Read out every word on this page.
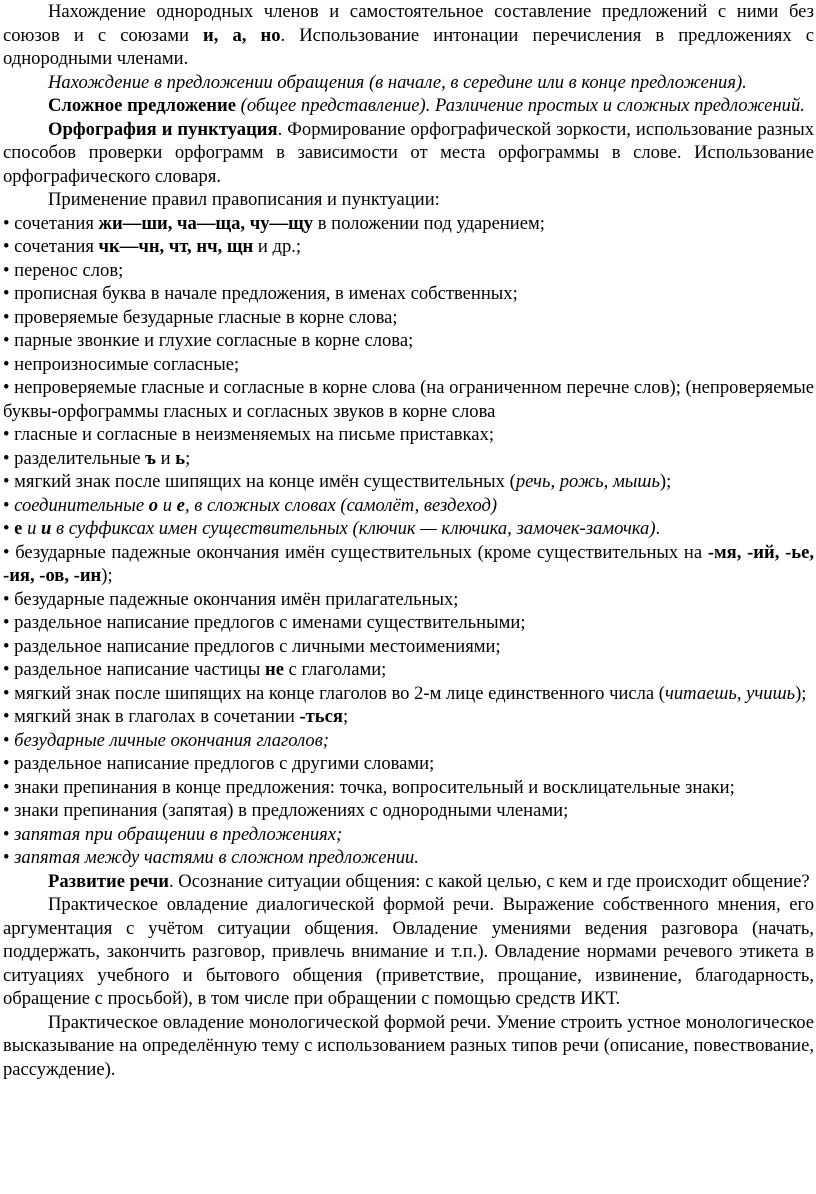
Нахождение однородных членов и самостоятельное составление предложений с ними без союзов и с союзами и, а, но. Использование интонации перечисления в предложениях с однородными членами.

Нахождение в предложении обращения (в начале, в середине или в конце предложения).

Сложное предложение (общее представление). Различение простых и сложных предложений.

Орфография и пунктуация. Формирование орфографической зоркости, использование разных способов проверки орфограмм в зависимости от места орфограммы в слове. Использование орфографического словаря.

Применение правил правописания и пунктуации:

• сочетания жи—ши, ча—ща, чу—щу в положении под ударением;

• сочетания чк—чн, чт, нч, щн и др.;

• перенос слов;

• прописная буква в начале предложения, в именах собственных;

• проверяемые безударные гласные в корне слова;

• парные звонкие и глухие согласные в корне слова;

• непроизносимые согласные;

• непроверяемые гласные и согласные в корне слова (на ограниченном перечне слов); (непроверяемые буквы-орфограммы гласных и согласных звуков в корне слова

• гласные и согласные в неизменяемых на письме приставках;

• разделительные ъ и ь;

• мягкий знак после шипящих на конце имён существительных (речь, рожь, мышь);

• соединительные о и е, в сложных словах (самолёт, вездеход)

• е и и в суффиксах имен существительных (ключик — ключика, замочек-замочка).

• безударные падежные окончания имён существительных (кроме существительных на -мя, -ий, -ье, -ия, -ов, -ин);

• безударные падежные окончания имён прилагательных;

• раздельное написание предлогов с именами существительными;

• раздельное написание предлогов с личными местоимениями;

• раздельное написание частицы не с глаголами;

• мягкий знак после шипящих на конце глаголов во 2-м лице единственного числа (читаешь, учишь);

• мягкий знак в глаголах в сочетании -ться;

• безударные личные окончания глаголов;

• раздельное написание предлогов с другими словами;

• знаки препинания в конце предложения: точка, вопросительный и восклицательные знаки;

• знаки препинания (запятая) в предложениях с однородными членами;

• запятая при обращении в предложениях;

• запятая между частями в сложном предложении.

Развитие речи. Осознание ситуации общения: с какой целью, с кем и где происходит общение?

Практическое овладение диалогической формой речи. Выражение собственного мнения, его аргументация с учётом ситуации общения. Овладение умениями ведения разговора (начать, поддержать, закончить разговор, привлечь внимание и т.п.). Овладение нормами речевого этикета в ситуациях учебного и бытового общения (приветствие, прощание, извинение, благодарность, обращение с просьбой), в том числе при обращении с помощью средств ИКТ.

Практическое овладение монологической формой речи. Умение строить устное монологическое высказывание на определённую тему с использованием разных типов речи (описание, повествование, рассуждение).
